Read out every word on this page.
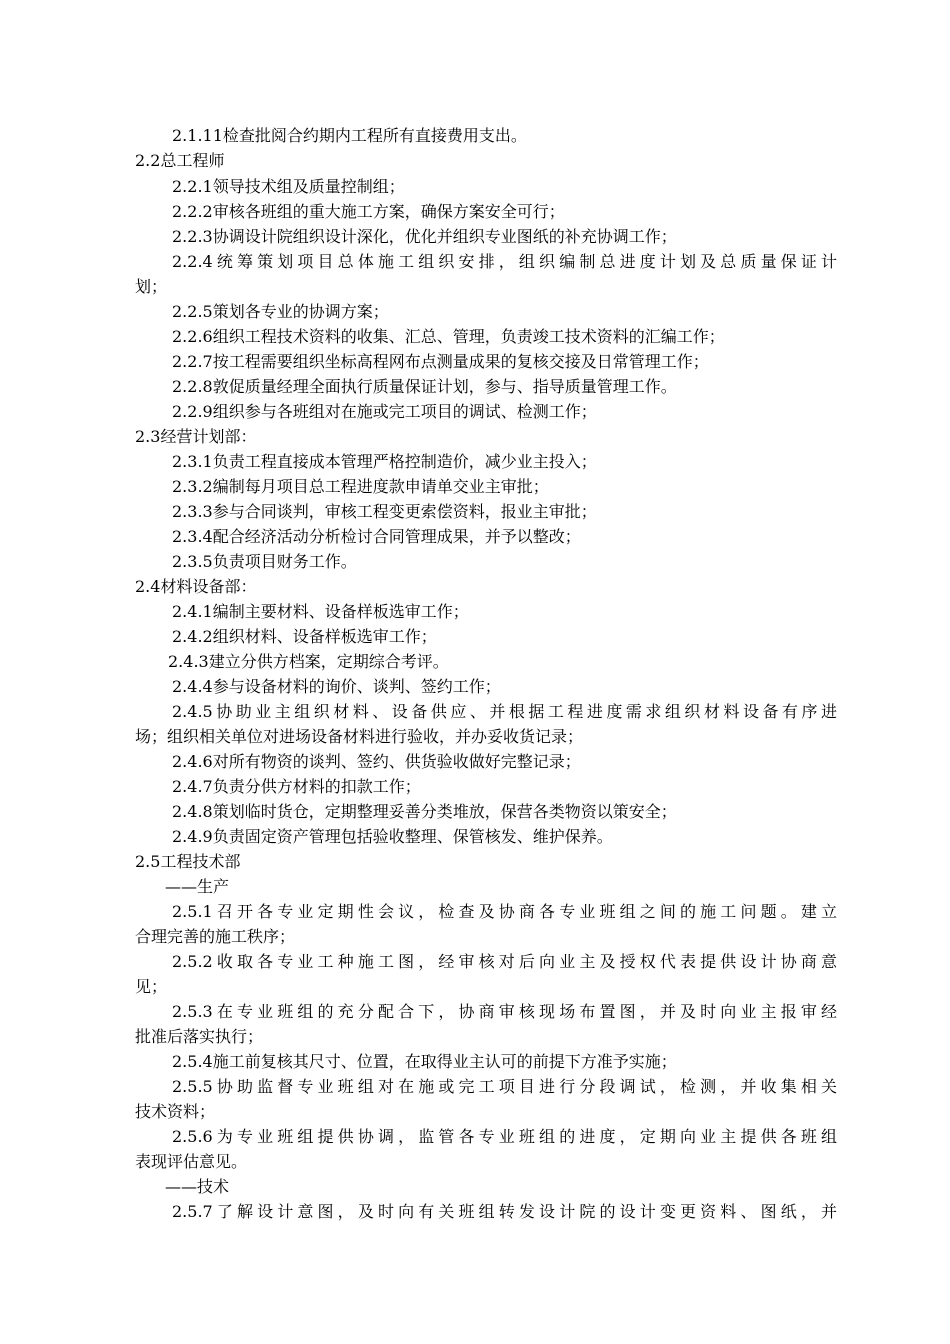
2.1.11检查批阅合约期内工程所有直接费用支出。
2.2总工程师
2.2.1领导技术组及质量控制组；
2.2.2审核各班组的重大施工方案，确保方案安全可行；
2.2.3协调设计院组织设计深化，优化并组织专业图纸的补充协调工作；
2.2.4统筹策划项目总体施工组织安排，组织编制总进度计划及总质量保证计
划；
2.2.5策划各专业的协调方案；
2.2.6组织工程技术资料的收集、汇总、管理，负责竣工技术资料的汇编工作；
2.2.7按工程需要组织坐标高程网布点测量成果的复核交接及日常管理工作；
2.2.8敦促质量经理全面执行质量保证计划，参与、指导质量管理工作。
2.2.9组织参与各班组对在施或完工项目的调试、检测工作；
2.3经营计划部：
2.3.1负责工程直接成本管理严格控制造价，减少业主投入；
2.3.2编制每月项目总工程进度款申请单交业主审批；
2.3.3参与合同谈判，审核工程变更索偿资料，报业主审批；
2.3.4配合经济活动分析检讨合同管理成果，并予以整改；
2.3.5负责项目财务工作。
2.4材料设备部：
2.4.1编制主要材料、设备样板选审工作；
2.4.2组织材料、设备样板选审工作；
2.4.3建立分供方档案，定期综合考评。
2.4.4参与设备材料的询价、谈判、签约工作；
2.4.5协助业主组织材料、设备供应、并根据工程进度需求组织材料设备有序进
场；组织相关单位对进场设备材料进行验收，并办妥收货记录；
2.4.6对所有物资的谈判、签约、供货验收做好完整记录；
2.4.7负责分供方材料的扣款工作；
2.4.8策划临时货仓，定期整理妥善分类堆放，保营各类物资以策安全；
2.4.9负责固定资产管理包括验收整理、保管核发、维护保养。
2.5工程技术部
——生产
2.5.1召开各专业定期性会议，检查及协商各专业班组之间的施工问题。建立
合理完善的施工秩序；
2.5.2收取各专业工种施工图，经审核对后向业主及授权代表提供设计协商意
见；
2.5.3在专业班组的充分配合下，协商审核现场布置图，并及时向业主报审经
批准后落实执行；
2.5.4施工前复核其尺寸、位置，在取得业主认可的前提下方准予实施；
2.5.5协助监督专业班组对在施或完工项目进行分段调试，检测，并收集相关
技术资料；
2.5.6为专业班组提供协调，监管各专业班组的进度，定期向业主提供各班组
表现评估意见。
——技术
2.5.7了解设计意图，及时向有关班组转发设计院的设计变更资料、图纸，并
